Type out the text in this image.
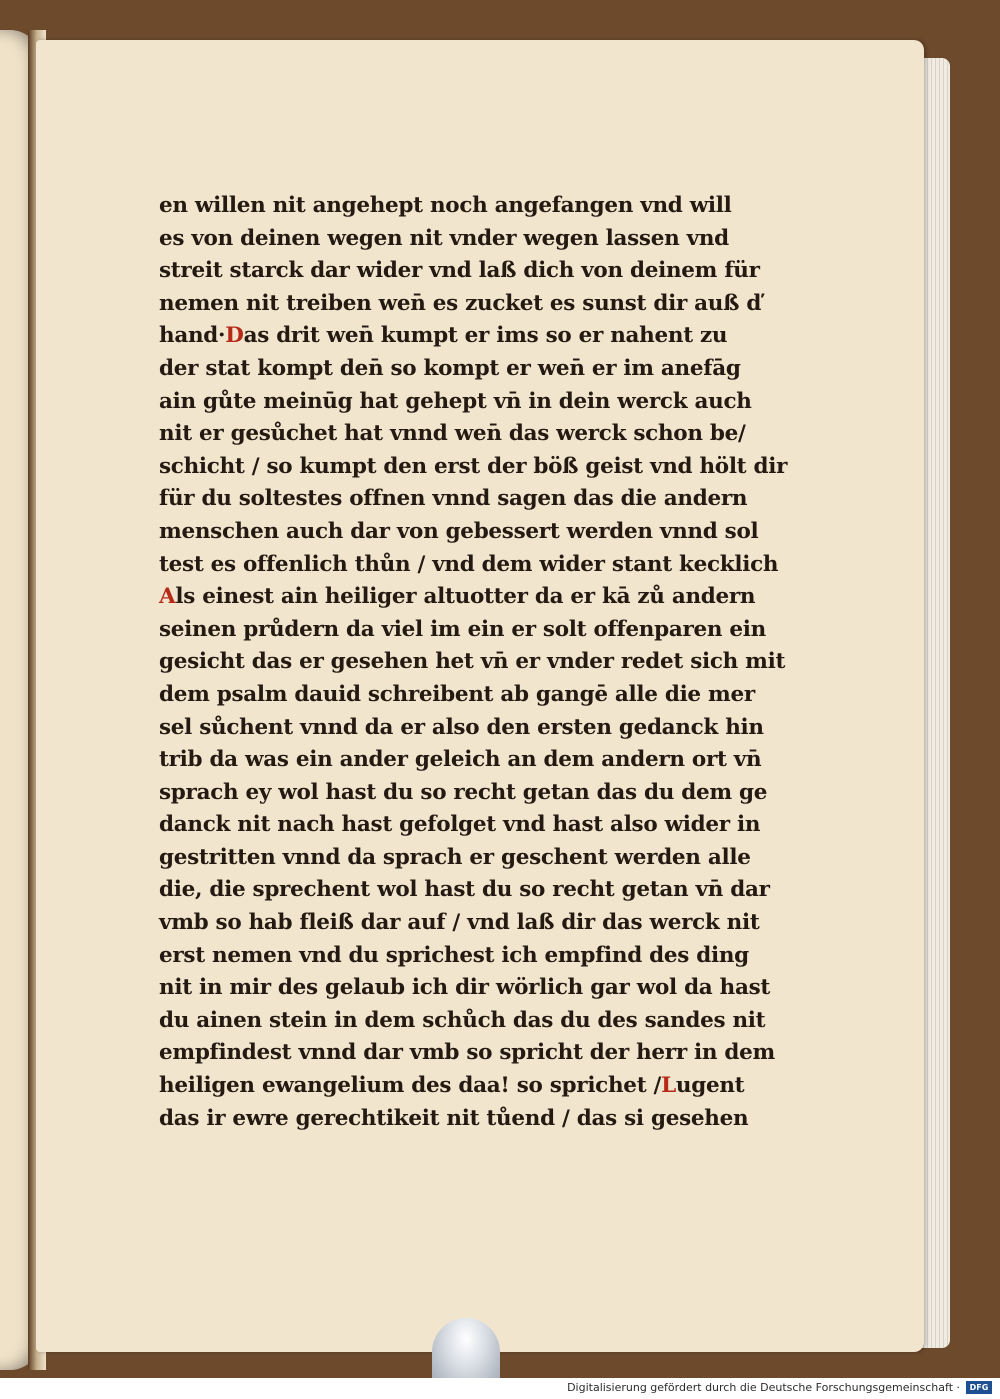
en willen nit angehept noch angefangen vnd will
es von deinen wegen nit vnder wegen lassen vnd
streit starck dar wider vnd laß dich von deinem für
nemen nit treiben wen̄ es zucket es sunst dir auß ď
hand·Das drit wen̄ kumpt er ims so er nahent zu
der stat kompt den̄ so kompt er wen̄ er im anefāg
ain gůte meinūg hat gehept vn̄ in dein werck auch
nit er gesůchet hat vnnd wen̄ das werck schon be/
schicht / so kumpt den erst der böß geist vnd hölt dir
für du soltestes offnen vnnd sagen das die andern
menschen auch dar von gebessert werden vnnd sol
test es offenlich thůn / vnd dem wider stant kecklich
Als einest ain heiliger altuotter da er kā zů andern
seinen průdern da viel im ein er solt offenparen ein
gesicht das er gesehen het vn̄ er vnder redet sich mit
dem psalm dauid schreibent ab gangē alle die mer
sel sůchent vnnd da er also den ersten gedanck hin
trib da was ein ander geleich an dem andern ort vn̄
sprach ey wol hast du so recht getan das du dem ge
danck nit nach hast gefolget vnd hast also wider in
gestritten vnnd da sprach er geschent werden alle
die, die sprechent wol hast du so recht getan vn̄ dar
vmb so hab fleiß dar auf / vnd laß dir das werck nit
erst nemen vnd du sprichest ich empfind des ding
nit in mir des gelaub ich dir wörlich gar wol da hast
du ainen stein in dem schůch das du des sandes nit
empfindest vnnd dar vmb so spricht der herr in dem
heiligen ewangelium des daa! so sprichet /Lugent
das ir ewre gerechtikeit nit tůend / das si gesehen
Digitalisierung gefördert durch die Deutsche Forschungsgemeinschaft ·	DFG
